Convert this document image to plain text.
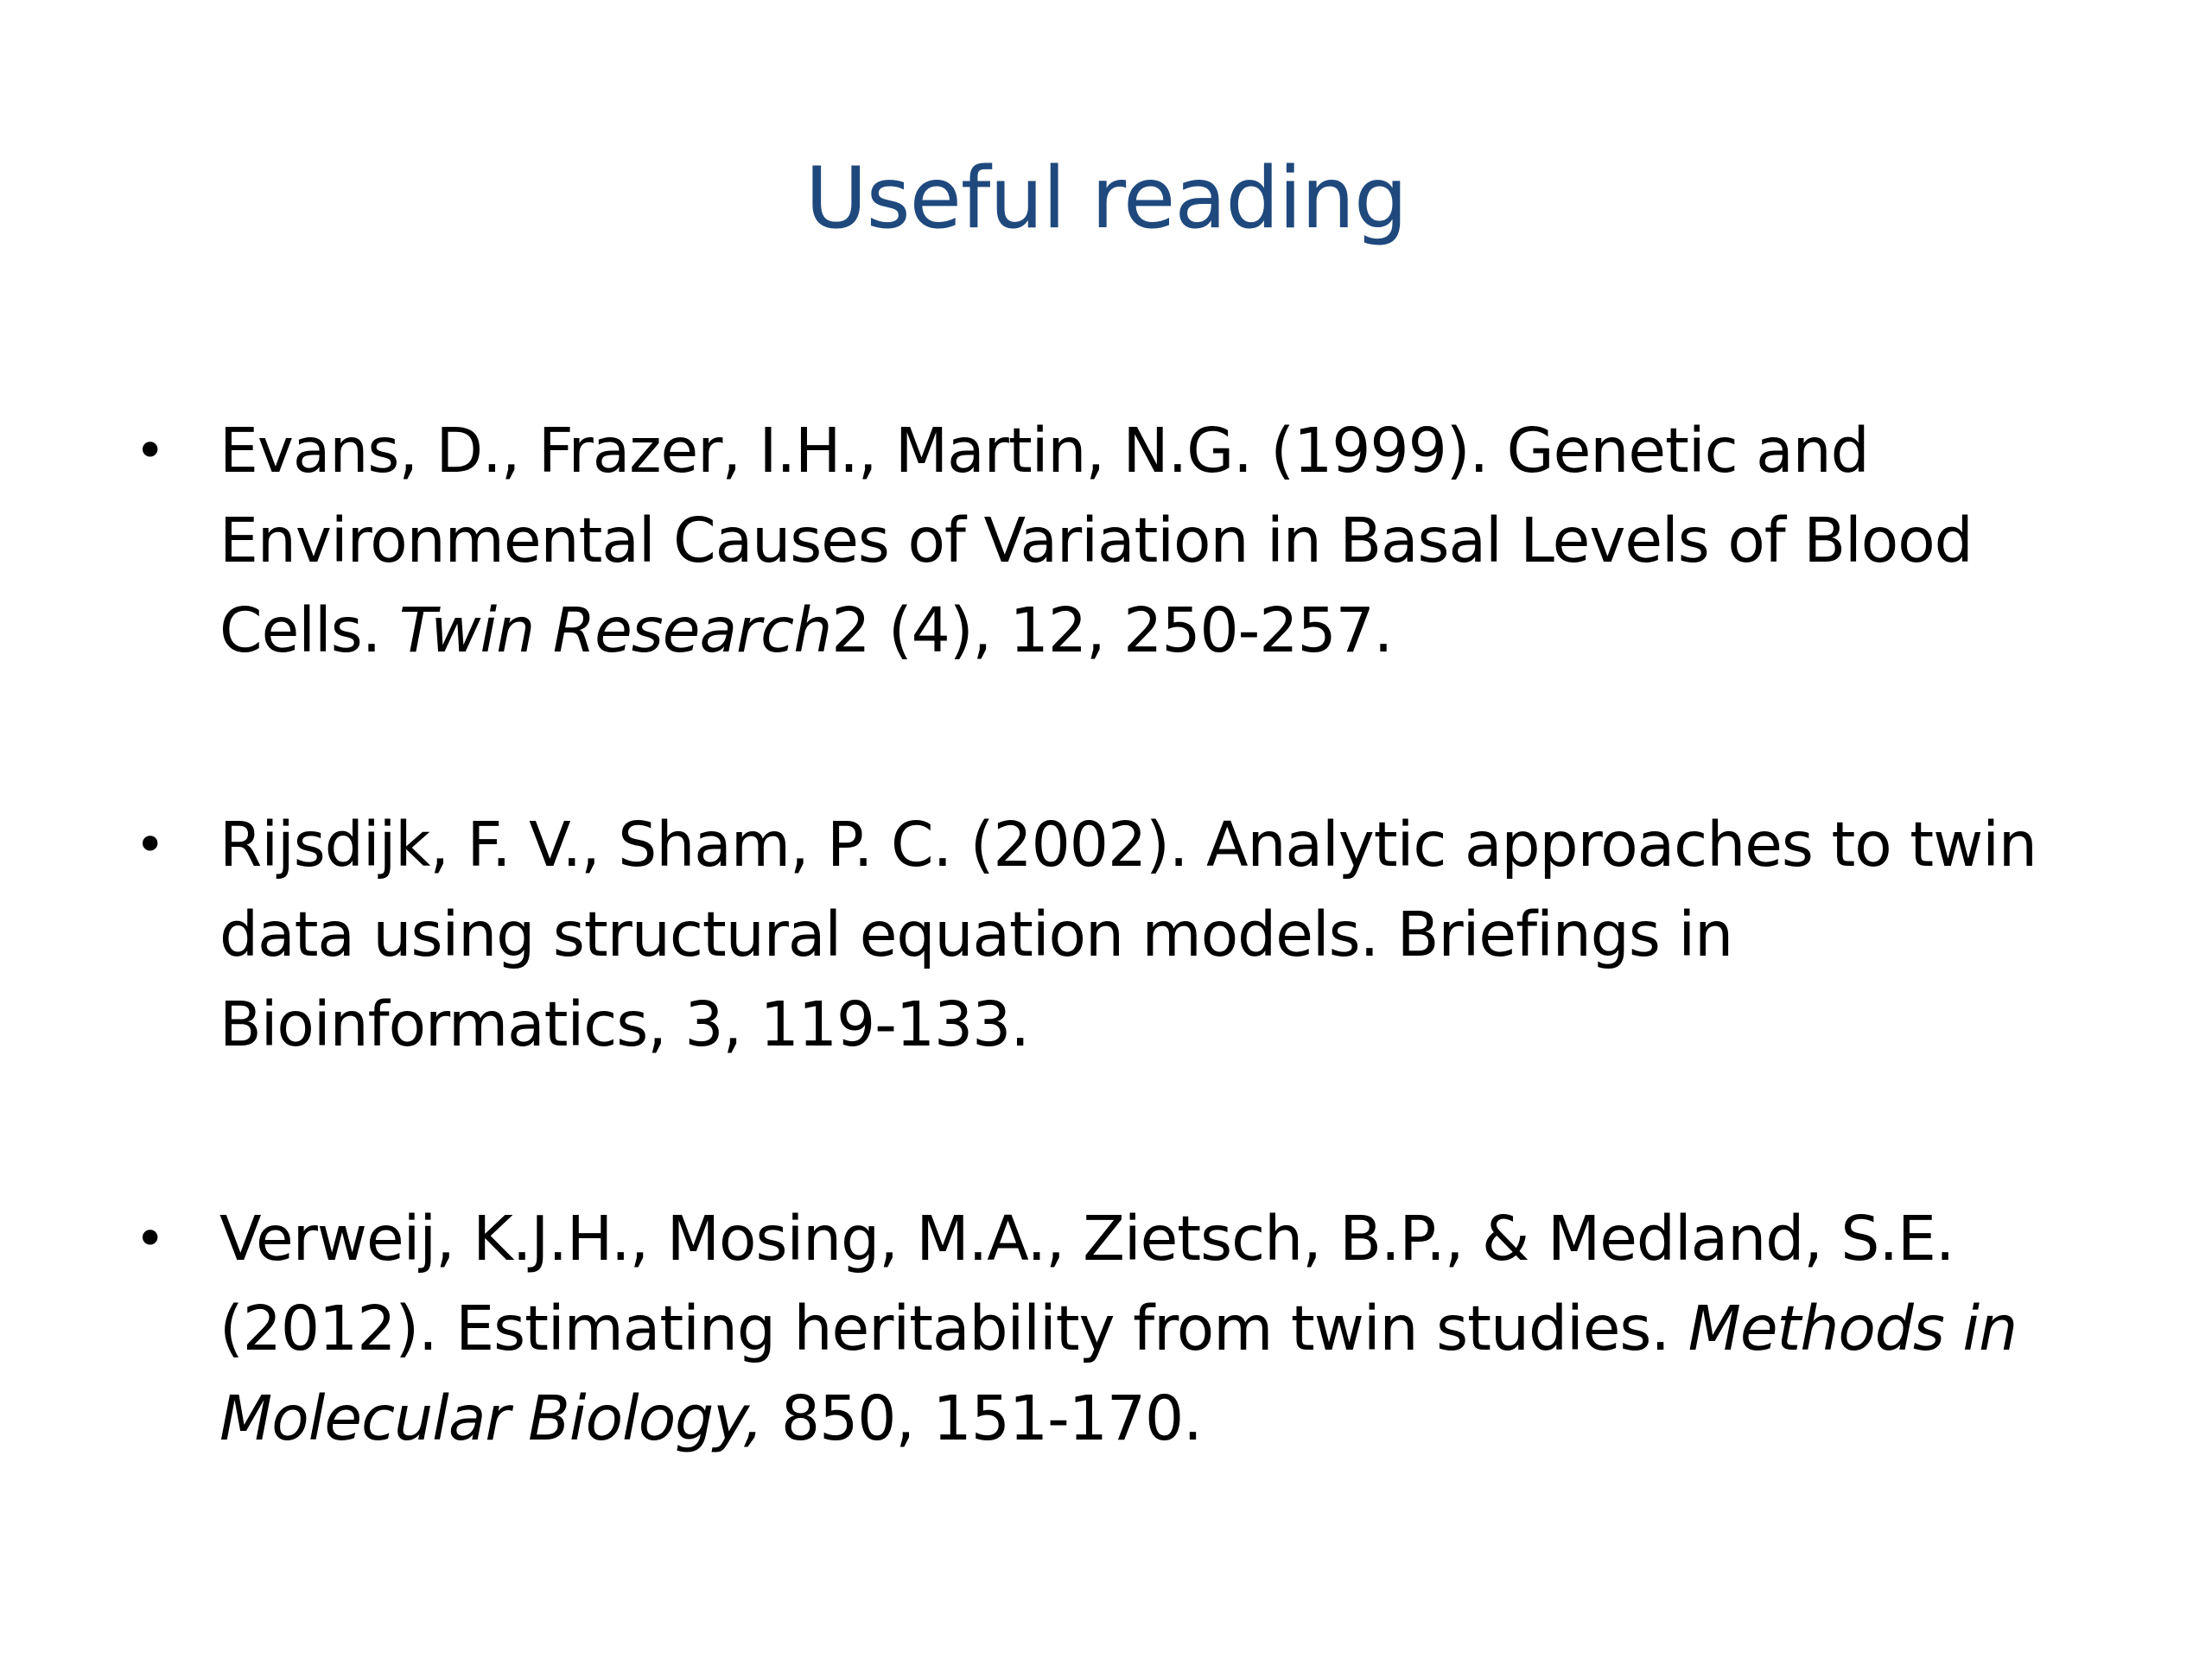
Useful reading
• Evans, D., Frazer, I.H., Martin, N.G. (1999). Genetic and Environmental Causes of Variation in Basal Levels of Blood Cells. Twin Research2 (4), 12, 250-257.
• Rijsdijk, F. V., Sham, P. C. (2002). Analytic approaches to twin data using structural equation models. Briefings in Bioinformatics, 3, 119-133.
• Verweij, K.J.H., Mosing, M.A., Zietsch, B.P., & Medland, S.E. (2012). Estimating heritability from twin studies. Methods in Molecular Biology, 850, 151-170.
